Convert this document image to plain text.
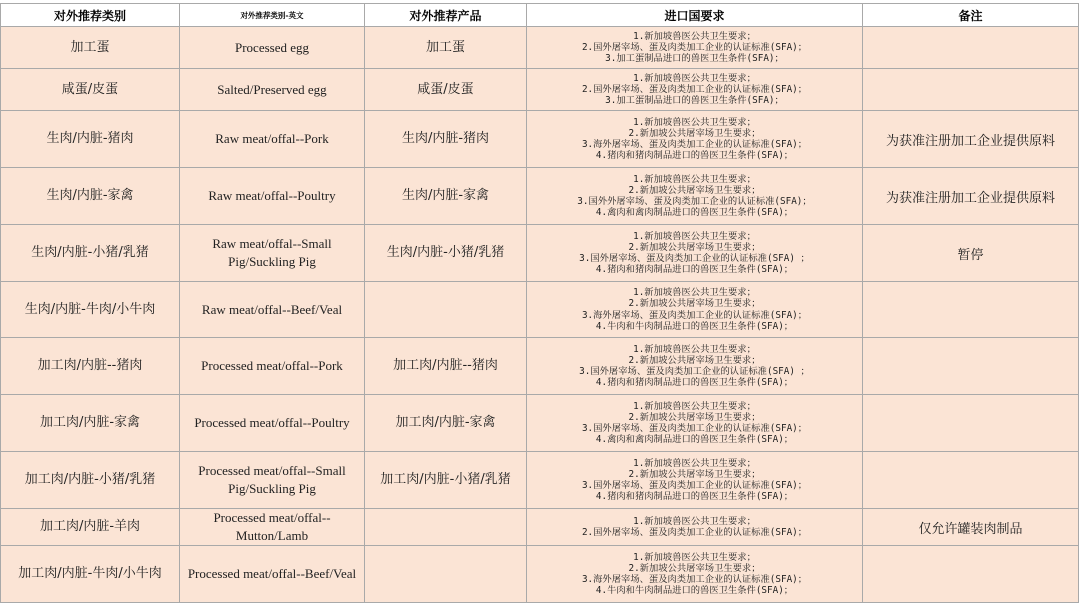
对外推荐类别	对外推荐类别-英文	对外推荐产品	进口国要求	备注
加工蛋	Processed egg	加工蛋	1.新加坡兽医公共卫生要求；
2.国外屠宰场、蛋及肉类加工企业的认证标准(SFA)；
3.加工蛋制品进口的兽医卫生条件(SFA)；	

咸蛋/皮蛋	Salted/Preserved egg	咸蛋/皮蛋	1.新加坡兽医公共卫生要求；
2.国外屠宰场、蛋及肉类加工企业的认证标准(SFA)；
3.加工蛋制品进口的兽医卫生条件(SFA)；	

生肉/内脏-猪肉	Raw meat/offal--Pork	生肉/内脏-猪肉	1.新加坡兽医公共卫生要求；
2.新加坡公共屠宰场卫生要求；
3.海外屠宰场、蛋及肉类加工企业的认证标准(SFA)；
4.猪肉和猪肉制品进口的兽医卫生条件(SFA)；	为获准注册加工企业提供原料
生肉/内脏-家禽	Raw meat/offal--Poultry	生肉/内脏-家禽	1.新加坡兽医公共卫生要求；
2.新加坡公共屠宰场卫生要求；
3.国外外屠宰场、蛋及肉类加工企业的认证标准(SFA)；
4.禽肉和禽肉制品进口的兽医卫生条件(SFA)；	为获准注册加工企业提供原料
生肉/内脏-小猪/乳猪	Raw meat/offal--Small Pig/Suckling Pig	生肉/内脏-小猪/乳猪	1.新加坡兽医公共卫生要求；
2.新加坡公共屠宰场卫生要求；
3.国外屠宰场、蛋及肉类加工企业的认证标准(SFA) ；
4.猪肉和猪肉制品进口的兽医卫生条件(SFA)；	暂停
生肉/内脏-牛肉/小牛肉	Raw meat/offal--Beef/Veal		1.新加坡兽医公共卫生要求；
2.新加坡公共屠宰场卫生要求；
3.海外屠宰场、蛋及肉类加工企业的认证标准(SFA)；
4.牛肉和牛肉制品进口的兽医卫生条件(SFA)；	

加工肉/内脏--猪肉	Processed meat/offal--Pork	加工肉/内脏--猪肉	1.新加坡兽医公共卫生要求；
2.新加坡公共屠宰场卫生要求；
3.国外屠宰场、蛋及肉类加工企业的认证标准(SFA) ；
4.猪肉和猪肉制品进口的兽医卫生条件(SFA)；	

加工肉/内脏-家禽	Processed meat/offal--Poultry	加工肉/内脏-家禽	1.新加坡兽医公共卫生要求；
2.新加坡公共屠宰场卫生要求；
3.国外屠宰场、蛋及肉类加工企业的认证标准(SFA)；
4.禽肉和禽肉制品进口的兽医卫生条件(SFA)；	

加工肉/内脏-小猪/乳猪	Processed meat/offal--Small Pig/Suckling Pig	加工肉/内脏-小猪/乳猪	1.新加坡兽医公共卫生要求；
2.新加坡公共屠宰场卫生要求；
3.国外屠宰场、蛋及肉类加工企业的认证标准(SFA)；
4.猪肉和猪肉制品进口的兽医卫生条件(SFA)；	

加工肉/内脏-羊肉	Processed meat/offal--Mutton/Lamb		1.新加坡兽医公共卫生要求；
2.国外屠宰场、蛋及肉类加工企业的认证标准(SFA)；	仅允许罐装肉制品
加工肉/内脏-牛肉/小牛肉	Processed meat/offal--Beef/Veal		1.新加坡兽医公共卫生要求；
2.新加坡公共屠宰场卫生要求；
3.海外屠宰场、蛋及肉类加工企业的认证标准(SFA)；
4.牛肉和牛肉制品进口的兽医卫生条件(SFA)；	
